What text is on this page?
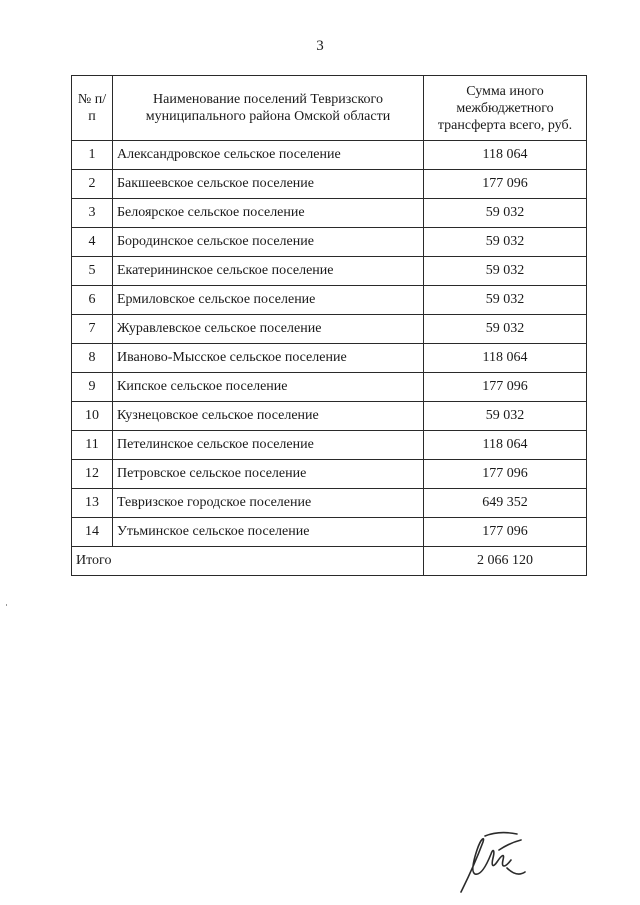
3
№ п/п	Наименование поселений Тевризского муниципального района Омской области	Сумма иного межбюджетного трансферта всего, руб.
1	Александровское сельское поселение	118 064
2	Бакшеевское сельское поселение	177 096
3	Белоярское сельское поселение	59 032
4	Бородинское сельское поселение	59 032
5	Екатерининское сельское поселение	59 032
6	Ермиловское сельское поселение	59 032
7	Журавлевское сельское поселение	59 032
8	Иваново-Мысское сельское поселение	118 064
9	Кипское сельское поселение	177 096
10	Кузнецовское сельское поселение	59 032
11	Петелинское сельское поселение	118 064
12	Петровское сельское поселение	177 096
13	Тевризское городское поселение	649 352
14	Утьминское сельское поселение	177 096
Итого		2 066 120
